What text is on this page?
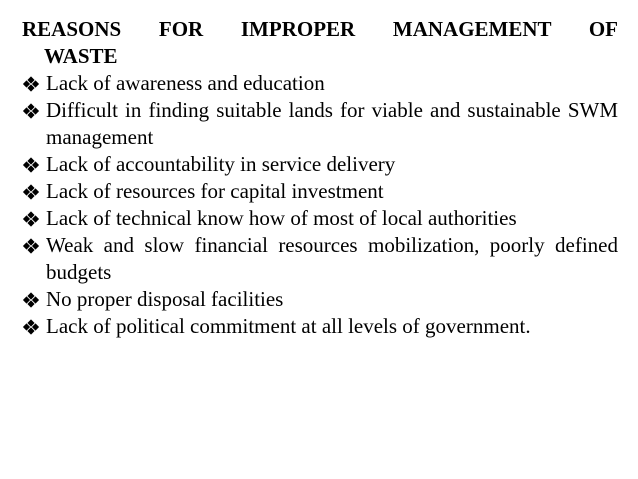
REASONS FOR IMPROPER MANAGEMENT OF
WASTE
Lack of awareness and education
Difficult in finding suitable lands for viable and sustainable SWM management
Lack of accountability in service delivery
Lack of resources for capital investment
Lack of technical know how of most of local authorities
Weak and slow financial resources mobilization, poorly defined budgets
No proper disposal facilities
Lack of political commitment at all levels of government.
